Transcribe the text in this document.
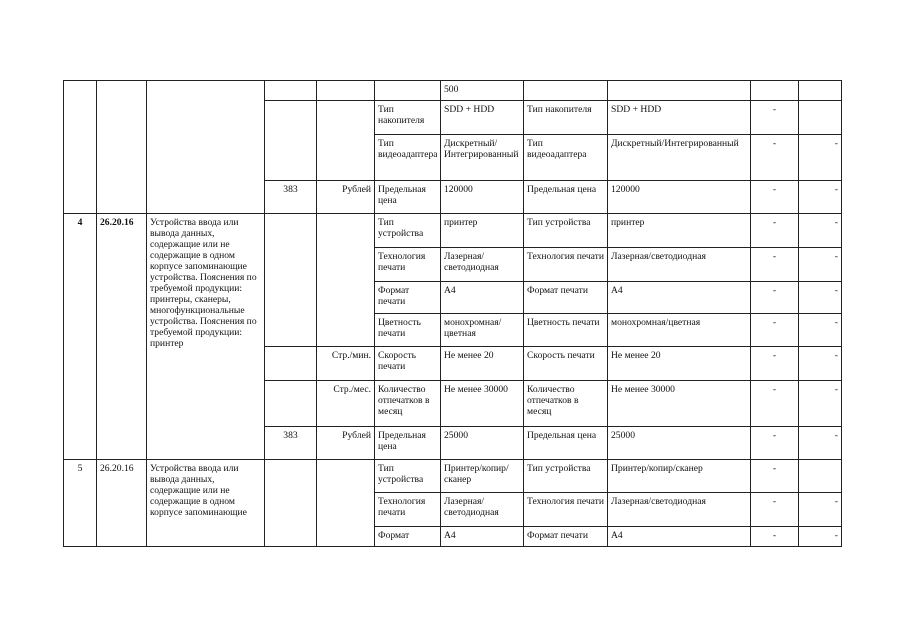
						500				
					Тип накопителя	SDD + HDD	Тип накопителя	SDD + HDD	-	
					Тип видеоадаптера	Дискретный/Интегрированный	Тип видеоадаптера	Дискретный/Интегрированный	-	-
			383	Рублей	Предельная цена	120000	Предельная цена	120000	-	-
4	26.20.16	Устройства ввода или вывода данных, содержащие или не содержащие в одном корпусе запоминающие устройства. Пояснения по требуемой продукции: принтеры, сканеры, многофункциональные устройства. Пояснения по требуемой продукции: принтер			Тип устройства	принтер	Тип устройства	принтер	-	-
					Технология печати	Лазерная/светодиодная	Технология печати	Лазерная/светодиодная	-	-
					Формат печати	А4	Формат печати	А4	-	-
					Цветность печати	монохромная/цветная	Цветность печати	монохромная/цветная	-	-
				Стр./мин.	Скорость печати	Не менее 20	Скорость печати	Не менее 20	-	-
				Стр./мес.	Количество отпечатков в месяц	Не менее 30000	Количество отпечатков в месяц	Не менее 30000	-	-
			383	Рублей	Предельная цена	25000	Предельная цена	25000	-	-
5	26.20.16	Устройства ввода или вывода данных, содержащие или не содержащие в одном корпусе запоминающие			Тип устройства	Принтер/копир/сканер	Тип устройства	Принтер/копир/сканер	-	
					Технология печати	Лазерная/светодиодная	Технология печати	Лазерная/светодиодная	-	-
					Формат	А4	Формат печати	А4	-	-
